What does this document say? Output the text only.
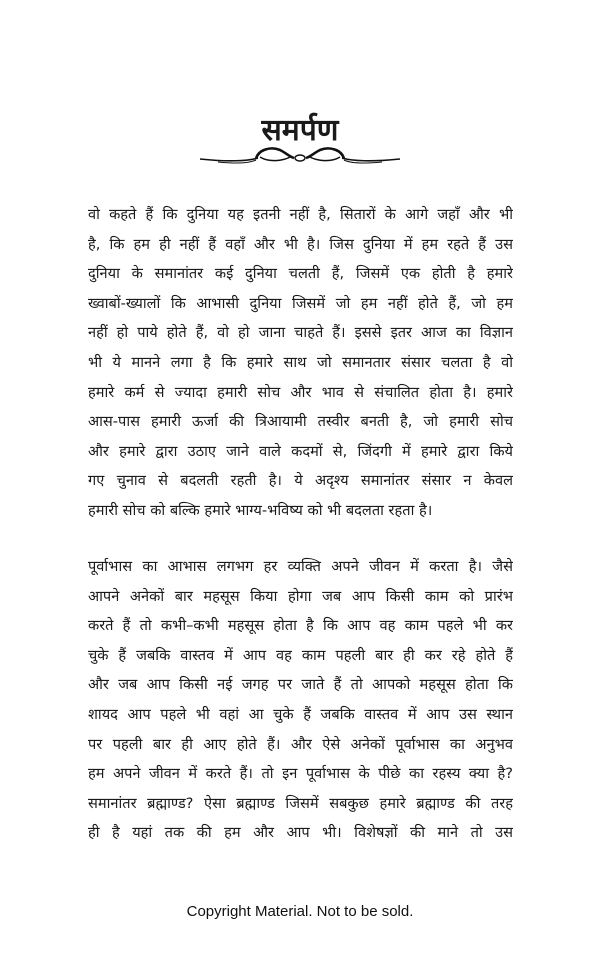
समर्पण
वो कहते हैं कि दुनिया यह इतनी नहीं है, सितारों के आगे जहाँ और भी
है, कि हम ही नहीं हैं वहाँ और भी है। जिस दुनिया में हम रहते हैं उस
दुनिया के समानांतर कई दुनिया चलती हैं, जिसमें एक होती है हमारे
ख्वाबों-ख्यालों कि आभासी दुनिया जिसमें जो हम नहीं होते हैं, जो हम
नहीं हो पाये होते हैं, वो हो जाना चाहते हैं। इससे इतर आज का विज्ञान
भी ये मानने लगा है कि हमारे साथ जो समानतार संसार चलता है वो
हमारे कर्म से ज्यादा हमारी सोच और भाव से संचालित होता है। हमारे
आस-पास हमारी ऊर्जा की त्रिआयामी तस्वीर बनती है, जो हमारी सोच
और हमारे द्वारा उठाए जाने वाले कदमों से, जिंदगी में हमारे द्वारा किये
गए चुनाव से बदलती रहती है। ये अदृश्य समानांतर संसार न केवल
हमारी सोच को बल्कि हमारे भाग्य-भविष्य को भी बदलता रहता है।
पूर्वाभास का आभास लगभग हर व्यक्ति अपने जीवन में करता है। जैसे
आपने अनेकों बार महसूस किया होगा जब आप किसी काम को प्रारंभ
करते हैं तो कभी–कभी महसूस होता है कि आप वह काम पहले भी कर
चुके हैं जबकि वास्तव में आप वह काम पहली बार ही कर रहे होते हैं
और जब आप किसी नई जगह पर जाते हैं तो आपको महसूस होता कि
शायद आप पहले भी वहां आ चुके हैं जबकि वास्तव में आप उस स्थान
पर पहली बार ही आए होते हैं। और ऐसे अनेकों पूर्वाभास का अनुभव
हम अपने जीवन में करते हैं। तो इन पूर्वाभास के पीछे का रहस्य क्या है?
समानांतर ब्रह्माण्ड? ऐसा ब्रह्माण्ड जिसमें सबकुछ हमारे ब्रह्माण्ड की तरह
ही है यहां तक की हम और आप भी। विशेषज्ञों की माने तो उस
Copyright Material. Not to be sold.
